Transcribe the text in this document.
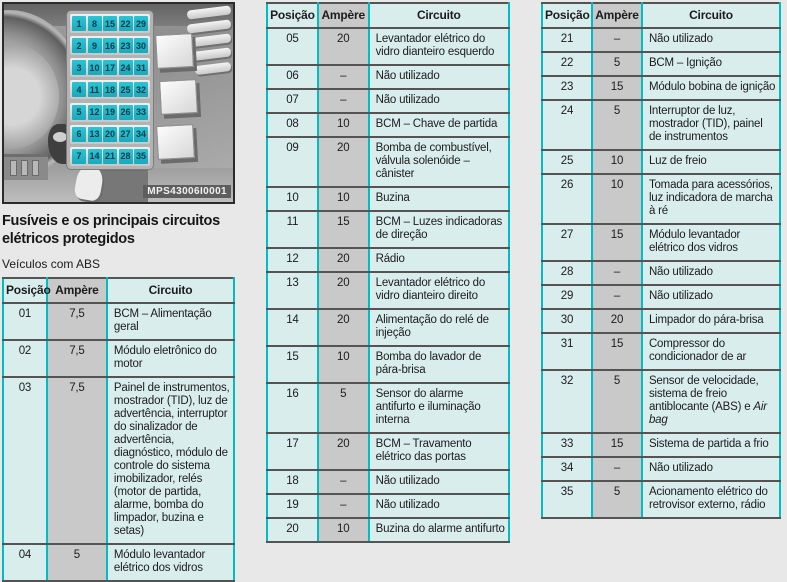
1	8 15 22 29
2	9 16 23 30
3 10 17 24 31
4 11 18 25 32
5 12 19 26 33
6 13 20 27 34
7 14 21 28 35
MPS43006I0001
Fusíveis e os principais circuitos elétricos protegidos
Veículos com ABS
Posição	Ampère	Circuito
01	7,5	BCM – Alimentação geral
02	7,5	Módulo eletrônico do motor
03	7,5	Painel de instrumentos, mostrador (TID), luz de advertência, interruptor do sinalizador de advertência, diagnóstico, módulo de controle do sistema imobilizador, relés (motor de partida, alarme, bomba do limpador, buzina e setas)
04	5	Módulo levantador elétrico dos vidros
Posição	Ampère	Circuito
05	20	Levantador elétrico do vidro dianteiro esquerdo
06	–	Não utilizado
07	–	Não utilizado
08	10	BCM – Chave de partida
09	20	Bomba de combustível, válvula solenóide – cânister
10	10	Buzina
11	15	BCM – Luzes indicadoras de direção
12	20	Rádio
13	20	Levantador elétrico do vidro dianteiro direito
14	20	Alimentação do relé de injeção
15	10	Bomba do lavador de pára-brisa
16	5	Sensor do alarme antifurto e iluminação interna
17	20	BCM – Travamento elétrico das portas
18	–	Não utilizado
19	–	Não utilizado
20	10	Buzina do alarme antifurto
Posição	Ampère	Circuito
21	–	Não utilizado
22	5	BCM – Ignição
23	15	Módulo bobina de ignição
24	5	Interruptor de luz, mostrador (TID), painel de instrumentos
25	10	Luz de freio
26	10	Tomada para acessórios, luz indicadora de marcha à ré
27	15	Módulo levantador elétrico dos vidros
28	–	Não utilizado
29	–	Não utilizado
30	20	Limpador do pára-brisa
31	15	Compressor do condicionador de ar
32	5	Sensor de velocidade, sistema de freio antiblocante (ABS) e Air bag
33	15	Sistema de partida a frio
34	–	Não utilizado
35	5	Acionamento elétrico do retrovisor externo, rádio
